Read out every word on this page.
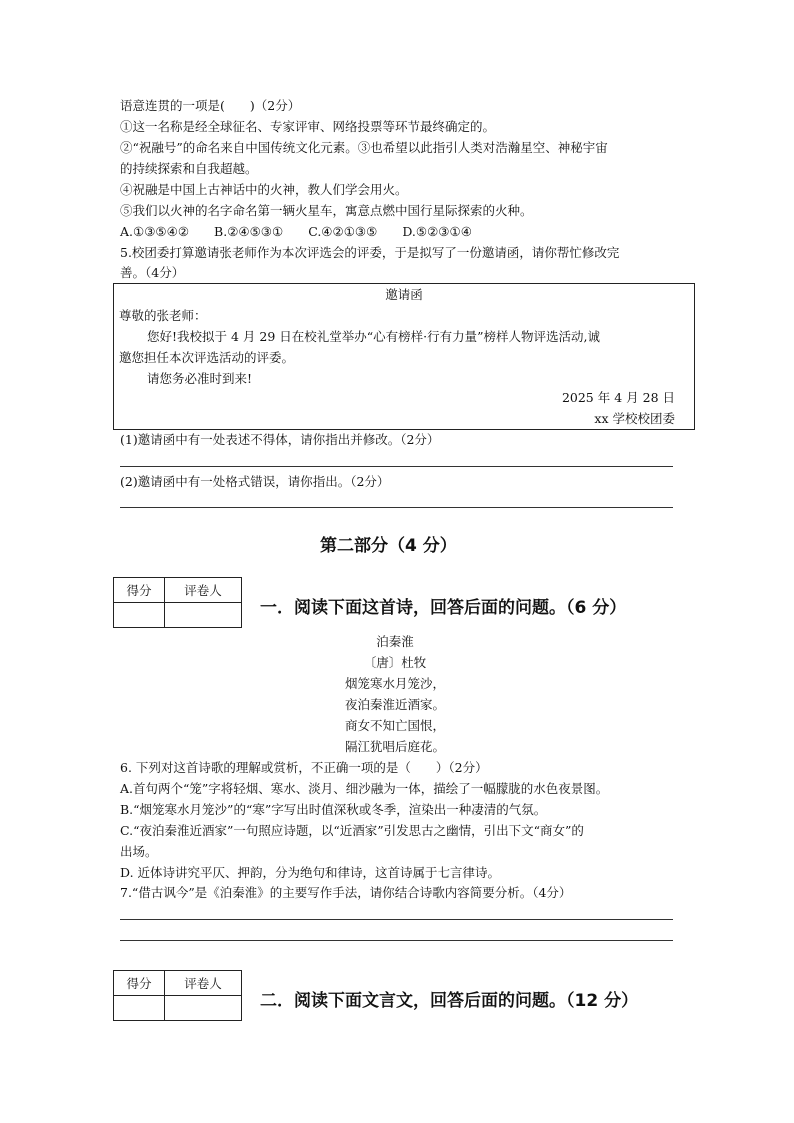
语意连贯的一项是(　　)（2分）
①这一名称是经全球征名、专家评审、网络投票等环节最终确定的。
②“祝融号”的命名来自中国传统文化元素。③也希望以此指引人类对浩瀚星空、神秘宇宙
的持续探索和自我超越。
④祝融是中国上古神话中的火神，教人们学会用火。
⑤我们以火神的名字命名第一辆火星车，寓意点燃中国行星际探索的火种。
A.①③⑤④②　　B.②④⑤③①　　C.④②①③⑤　　D.⑤②③①④
5.校团委打算邀请张老师作为本次评选会的评委，于是拟写了一份邀请函，请你帮忙修改完
善。（4分）
邀请函
尊敬的张老师：
您好!我校拟于 4 月 29 日在校礼堂举办“心有榜样·行有力量”榜样人物评选活动,诚
邀您担任本次评选活动的评委。
请您务必准时到来!
2025 年 4 月 28 日
xx 学校校团委
(1)邀请函中有一处表述不得体，请你指出并修改。（2分）
(2)邀请函中有一处格式错误，请你指出。（2分）
第二部分（4 分）
得分	评卷人

一．阅读下面这首诗，回答后面的问题。（6 分）
泊秦淮
〔唐〕杜牧
烟笼寒水月笼沙，
夜泊秦淮近酒家。
商女不知亡国恨，
隔江犹唱后庭花。
6. 下列对这首诗歌的理解或赏析，不正确一项的是（　　）（2分）
A.首句两个“笼”字将轻烟、寒水、淡月、细沙融为一体，描绘了一幅朦胧的水色夜景图。
B.“烟笼寒水月笼沙”的“寒”字写出时值深秋或冬季，渲染出一种凄清的气氛。
C.“夜泊秦淮近酒家”一句照应诗题，以“近酒家”引发思古之幽情，引出下文“商女”的
出场。
D. 近体诗讲究平仄、押韵，分为绝句和律诗，这首诗属于七言律诗。
7.“借古讽今”是《泊秦淮》的主要写作手法，请你结合诗歌内容简要分析。（4分）
得分	评卷人

二．阅读下面文言文，回答后面的问题。（12 分）
